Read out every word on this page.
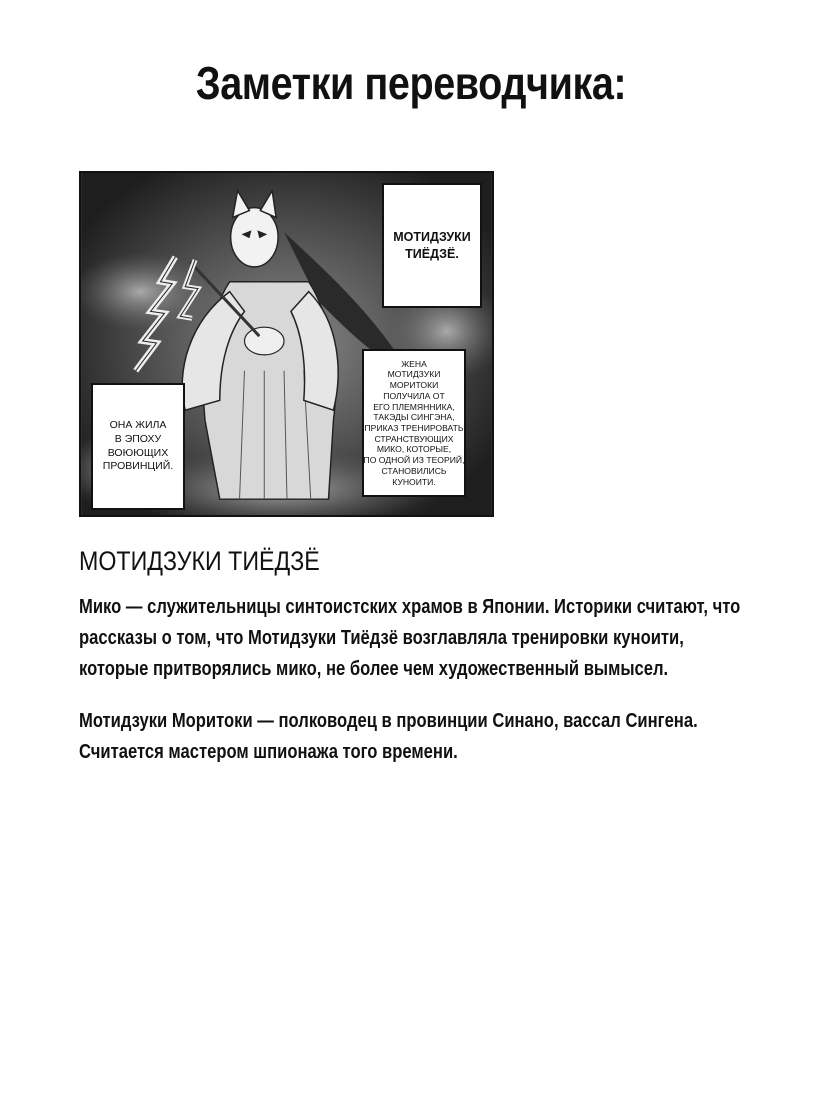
Заметки переводчика:
МОТИДЗУКИ ТИЁДЗЁ.
ЖЕНА
МОТИДЗУКИ
МОРИТОКИ
ПОЛУЧИЛА ОТ
ЕГО ПЛЕМЯННИКА,
ТАКЭДЫ СИНГЭНА,
ПРИКАЗ ТРЕНИРОВАТЬ
СТРАНСТВУЮЩИХ
МИКО, КОТОРЫЕ,
ПО ОДНОЙ ИЗ ТЕОРИЙ,
СТАНОВИЛИСЬ
КУНОИТИ.
ОНА ЖИЛА
В ЭПОХУ
ВОЮЮЩИХ
ПРОВИНЦИЙ.
МОТИДЗУКИ ТИЁДЗЁ

Мико — служительницы синтоистских храмов в Японии. Историки считают, что
рассказы о том, что Мотидзуки Тиёдзё возглавляла тренировки куноити,
которые притворялись мико, не более чем художественный вымысел.

Мотидзуки Моритоки — полководец в провинции Синано, вассал Сингена.
Считается мастером шпионажа того времени.
